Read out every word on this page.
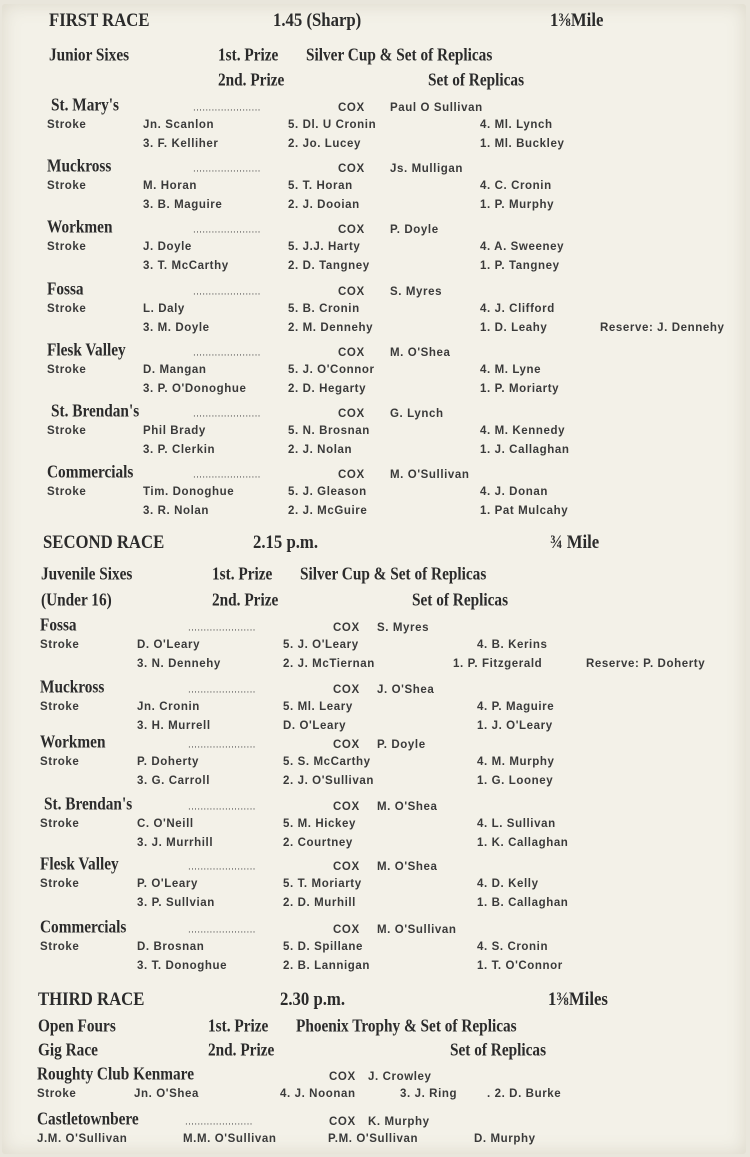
FIRST RACE	1.45 (Sharp)	1⅜Mile
Junior Sixes	1st. Prize Silver Cup & Set of Replicas
2nd. Prize	Set of Replicas
St. Mary's	......................	COX Paul O Sullivan
Stroke	Jn. Scanlon	5. Dl. U Cronin	4. Ml. Lynch
3. F. Kelliher	2. Jo. Lucey	1. Ml. Buckley
Muckross	......................	COX Js. Mulligan
Stroke	M. Horan	5. T. Horan	4. C. Cronin
3. B. Maguire	2. J. Dooian	1. P. Murphy
Workmen	......................	COX P. Doyle
Stroke	J. Doyle	5. J.J. Harty	4. A. Sweeney
3. T. McCarthy	2. D. Tangney	1. P. Tangney
Fossa	......................	COX S. Myres
Stroke	L. Daly	5. B. Cronin	4. J. Clifford
3. M. Doyle	2. M. Dennehy	1. D. Leahy	Reserve: J. Dennehy
Flesk Valley	......................	COX M. O'Shea
Stroke	D. Mangan	5. J. O'Connor	4. M. Lyne
3. P. O'Donoghue	2. D. Hegarty	1. P. Moriarty
St. Brendan's	......................	COX G. Lynch
Stroke	Phil Brady	5. N. Brosnan	4. M. Kennedy
3. P. Clerkin	2. J. Nolan	1. J. Callaghan
Commercials	......................	COX M. O'Sullivan
Stroke	Tim. Donoghue	5. J. Gleason	4. J. Donan
3. R. Nolan	2. J. McGuire	1. Pat Mulcahy
SECOND RACE	2.15 p.m.	¾ Mile
Juvenile Sixes
(Under 16)
1st. Prize Silver Cup & Set of Replicas
2nd. Prize	Set of Replicas
Fossa	......................	COX S. Myres
Stroke	D. O'Leary	5. J. O'Leary	4. B. Kerins
3. N. Dennehy	2. J. McTiernan	1. P. Fitzgerald	Reserve: P. Doherty
Muckross	......................	COX J. O'Shea
Stroke	Jn. Cronin	5. Ml. Leary	4. P. Maguire
3. H. Murrell	D. O'Leary	1. J. O'Leary
Workmen	......................	COX P. Doyle
Stroke	P. Doherty	5. S. McCarthy	4. M. Murphy
3. G. Carroll	2. J. O'Sullivan	1. G. Looney
St. Brendan's	......................	COX M. O'Shea
Stroke	C. O'Neill	5. M. Hickey	4. L. Sullivan
3. J. Murrhill	2. Courtney	1. K. Callaghan
Flesk Valley	......................	COX M. O'Shea
Stroke	P. O'Leary	5. T. Moriarty	4. D. Kelly
3. P. Sullvian	2. D. Murhill	1. B. Callaghan
Commercials	......................	COX M. O'Sullivan
Stroke	D. Brosnan	5. D. Spillane	4. S. Cronin
3. T. Donoghue	2. B. Lannigan	1. T. O'Connor
THIRD RACE	2.30 p.m.	1⅜Miles
Open Fours
Gig Race
1st. Prize Phoenix Trophy & Set of Replicas
2nd. Prize	Set of Replicas
Roughty Club Kenmare	COX J. Crowley
Stroke	Jn. O'Shea	4. J. Noonan	3. J. Ring	. 2. D. Burke
Castletownbere	......................	COX K. Murphy
J.M. O'Sullivan	M.M. O'Sullivan	P.M. O'Sullivan	D. Murphy
